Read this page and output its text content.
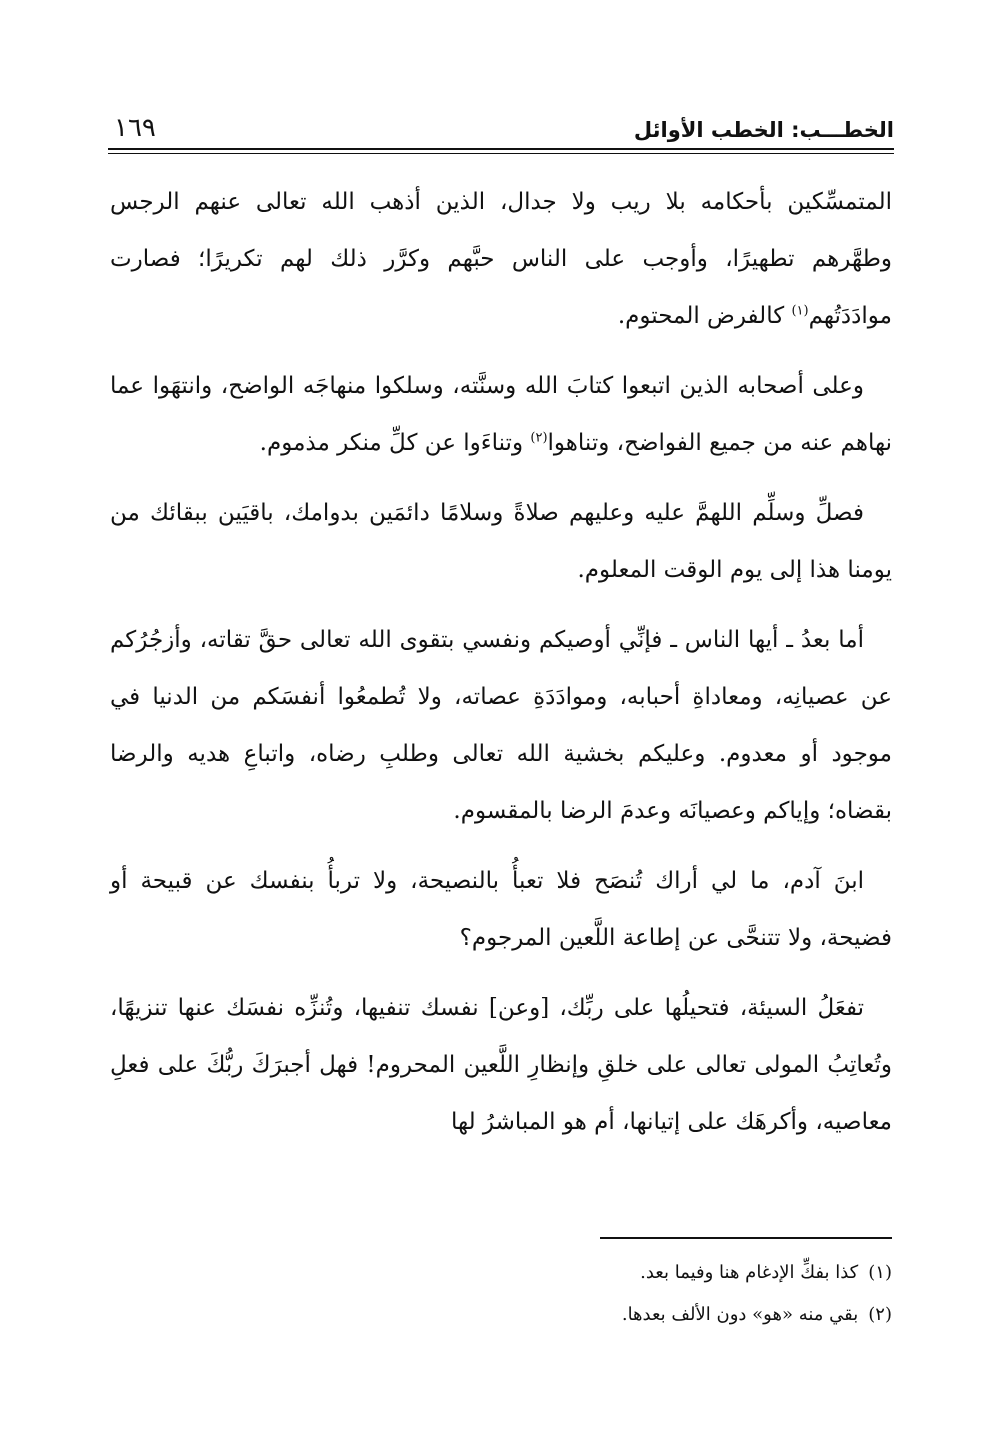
الخطـــب: الخطب الأوائل
١٦٩

المتمسِّكين بأحكامه بلا ريب ولا جدال، الذين أذهب الله تعالى عنهم الرجس وطهَّرهم تطهيرًا، وأوجب على الناس حبَّهم وكرَّر ذلك لهم تكريرًا؛ فصارت موادَدَتُهم$^{(١)}$ كالفرض المحتوم.

وعلى أصحابه الذين اتبعوا كتابَ الله وسنَّته، وسلكوا منهاجَه الواضح، وانتهَوا عما نهاهم عنه من جميع الفواضح، وتناهوا$^{(٢)}$ وتناءَوا عن كلِّ منكر مذموم.

فصلِّ وسلِّم اللهمَّ عليه وعليهم صلاةً وسلامًا دائمَين بدوامك، باقيَين ببقائك من يومنا هذا إلى يوم الوقت المعلوم.

أما بعدُ ـ أيها الناس ـ فإنِّي أوصيكم ونفسي بتقوى الله تعالى حقَّ تقاته، وأزجُرُكم عن عصيانِه، ومعاداةِ أحبابه، وموادَدَةِ عصاته، ولا تُطمعُوا أنفسَكم من الدنيا في موجود أو معدوم. وعليكم بخشية الله تعالى وطلبِ رضاه، واتباعِ هديه والرضا بقضاه؛ وإياكم وعصيانَه وعدمَ الرضا بالمقسوم.

ابنَ آدم، ما لي أراك تُنصَح فلا تعبأُ بالنصيحة، ولا تربأُ بنفسك عن قبيحة أو فضيحة، ولا تتنحَّى عن إطاعة اللَّعين المرجوم؟

تفعَلُ السيئة، فتحيلُها على ربِّك، [وعن] نفسك تنفيها، وتُنزِّه نفسَك عنها تنزيهًا، وتُعاتِبُ المولى تعالى على خلقِ وإنظارِ اللَّعين المحروم! فهل أجبرَكَ ربُّكَ على فعلِ معاصيه، وأكرهَك على إتيانها، أم هو المباشرُ لها

(١)كذا بفكِّ الإدغام هنا وفيما بعد.
(٢)بقي منه «هو» دون الألف بعدها.
